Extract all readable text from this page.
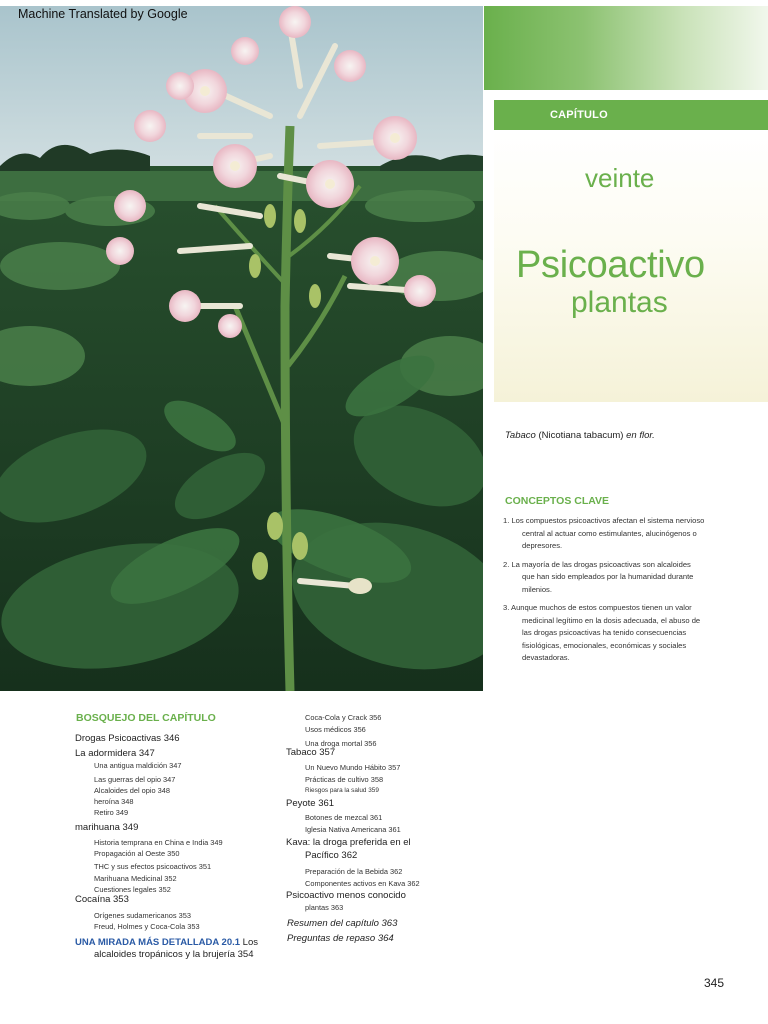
Machine Translated by Google
CAPÍTULO
veinte
Psicoactivo
plantas
Tabaco (Nicotiana tabacum) en flor.
CONCEPTOS CLAVE
1. Los compuestos psicoactivos afectan el sistema nervioso
central al actuar como estimulantes, alucinógenos o
depresores.
2. La mayoría de las drogas psicoactivas son alcaloides
que han sido empleados por la humanidad durante
milenios.
3. Aunque muchos de estos compuestos tienen un valor
medicinal legítimo en la dosis adecuada, el abuso de
las drogas psicoactivas ha tenido consecuencias
fisiológicas, emocionales, económicas y sociales
devastadoras.
BOSQUEJO DEL CAPÍTULO
Drogas Psicoactivas 346
La adormidera 347
Una antigua maldición 347
Las guerras del opio 347
Alcaloides del opio 348
heroína 348
Retiro 349
marihuana 349
Historia temprana en China e India 349
Propagación al Oeste 350
THC y sus efectos psicoactivos 351
Marihuana Medicinal 352
Cuestiones legales 352
Cocaína 353
Orígenes sudamericanos 353
Freud, Holmes y Coca-Cola 353
UNA MIRADA MÁS DETALLADA 20.1 Los
alcaloides tropánicos y la brujería 354
Coca-Cola y Crack 356
Usos médicos 356
Una droga mortal 356
Tabaco 357
Un Nuevo Mundo Hábito 357
Prácticas de cultivo 358
Riesgos para la salud 359
Peyote 361
Botones de mezcal 361
Iglesia Nativa Americana 361
Kava: la droga preferida en el
Pacífico 362
Preparación de la Bebida 362
Componentes activos en Kava 362
Psicoactivo menos conocido
plantas 363
Resumen del capítulo 363
Preguntas de repaso 364
345
